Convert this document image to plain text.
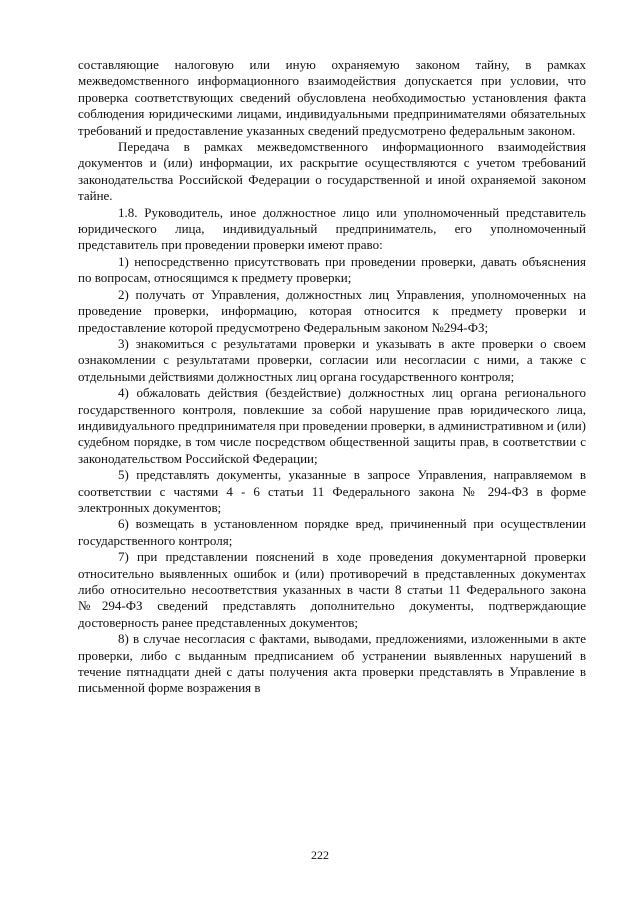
составляющие налоговую или иную охраняемую законом тайну, в рамках межведомственного информационного взаимодействия допускается при условии, что проверка соответствующих сведений обусловлена необходимостью установления факта соблюдения юридическими лицами, индивидуальными предпринимателями обязательных требований и предоставление указанных сведений предусмотрено федеральным законом.

Передача в рамках межведомственного информационного взаимодействия документов и (или) информации, их раскрытие осуществляются с учетом требований законодательства Российской Федерации о государственной и иной охраняемой законом тайне.

1.8. Руководитель, иное должностное лицо или уполномоченный представитель юридического лица, индивидуальный предприниматель, его уполномоченный представитель при проведении проверки имеют право:

1) непосредственно присутствовать при проведении проверки, давать объяснения по вопросам, относящимся к предмету проверки;

2) получать от Управления, должностных лиц Управления, уполномоченных на проведение проверки, информацию, которая относится к предмету проверки и предоставление которой предусмотрено Федеральным законом №294-ФЗ;

3) знакомиться с результатами проверки и указывать в акте проверки о своем ознакомлении с результатами проверки, согласии или несогласии с ними, а также с отдельными действиями должностных лиц органа государственного контроля;

4) обжаловать действия (бездействие) должностных лиц органа регионального государственного контроля, повлекшие за собой нарушение прав юридического лица, индивидуального предпринимателя при проведении проверки, в административном и (или) судебном порядке, в том числе посредством общественной защиты прав, в соответствии с законодательством Российской Федерации;

5) представлять документы, указанные в запросе Управления, направляемом в соответствии с частями 4 - 6 статьи 11 Федерального закона № 294-ФЗ в форме электронных документов;

6) возмещать в установленном порядке вред, причиненный при осуществлении государственного контроля;

7) при представлении пояснений в ходе проведения документарной проверки относительно выявленных ошибок и (или) противоречий в представленных документах либо относительно несоответствия указанных в части 8 статьи 11 Федерального закона №294-ФЗ сведений представлять дополнительно документы, подтверждающие достоверность ранее представленных документов;

8) в случае несогласия с фактами, выводами, предложениями, изложенными в акте проверки, либо с выданным предписанием об устранении выявленных нарушений в течение пятнадцати дней с даты получения акта проверки представлять в Управление в письменной форме возражения в

222
